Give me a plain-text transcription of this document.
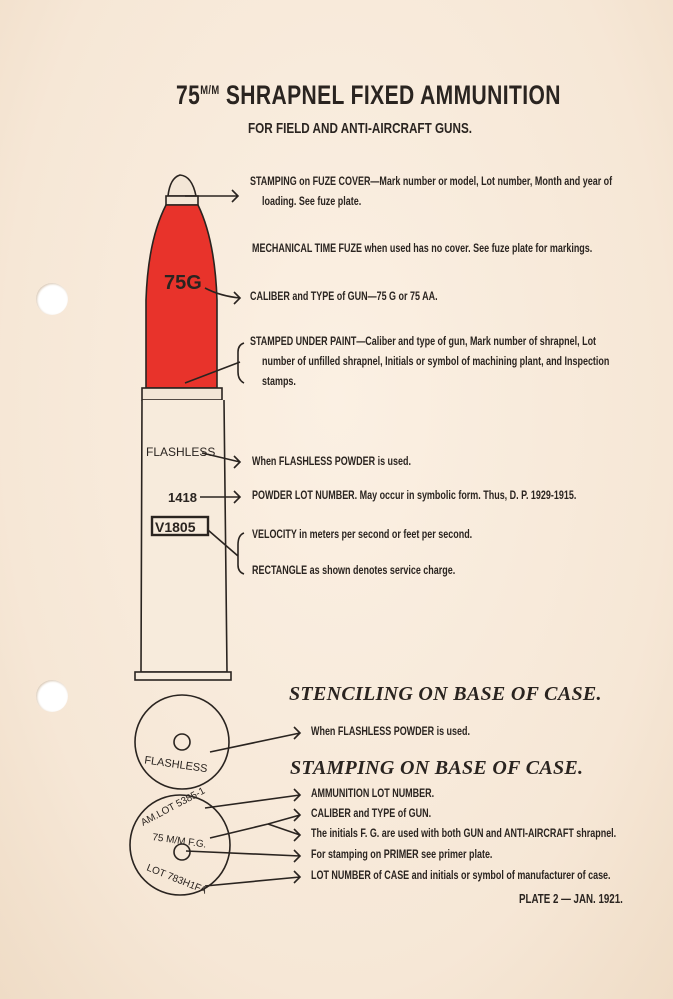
$75^{M/M}$ SHRAPNEL FIXED AMMUNITION
FOR FIELD AND ANTI-AIRCRAFT GUNS.
75G
FLASHLESS
1418
V1805
FLASHLESS
AM.LOT 5385-1
75 M/M F.G.
LOT 783H1FA
STAMPING on FUZE COVER—Mark number or model, Lot number, Month and year of
loading. See fuze plate.
MECHANICAL TIME FUZE when used has no cover. See fuze plate for markings.
CALIBER and TYPE of GUN—75 G or 75 AA.
STAMPED UNDER PAINT—Caliber and type of gun, Mark number of shrapnel, Lot
number of unfilled shrapnel, Initials or symbol of machining plant, and Inspection
stamps.
When FLASHLESS POWDER is used.
POWDER LOT NUMBER. May occur in symbolic form. Thus, D. P. 1929-1915.
VELOCITY in meters per second or feet per second.
RECTANGLE as shown denotes service charge.
STENCILING ON BASE OF CASE.
When FLASHLESS POWDER is used.
STAMPING ON BASE OF CASE.
AMMUNITION LOT NUMBER.
CALIBER and TYPE of GUN.
The initials F. G. are used with both GUN and ANTI-AIRCRAFT shrapnel.
For stamping on PRIMER see primer plate.
LOT NUMBER of CASE and initials or symbol of manufacturer of case.
PLATE 2 — JAN. 1921.
